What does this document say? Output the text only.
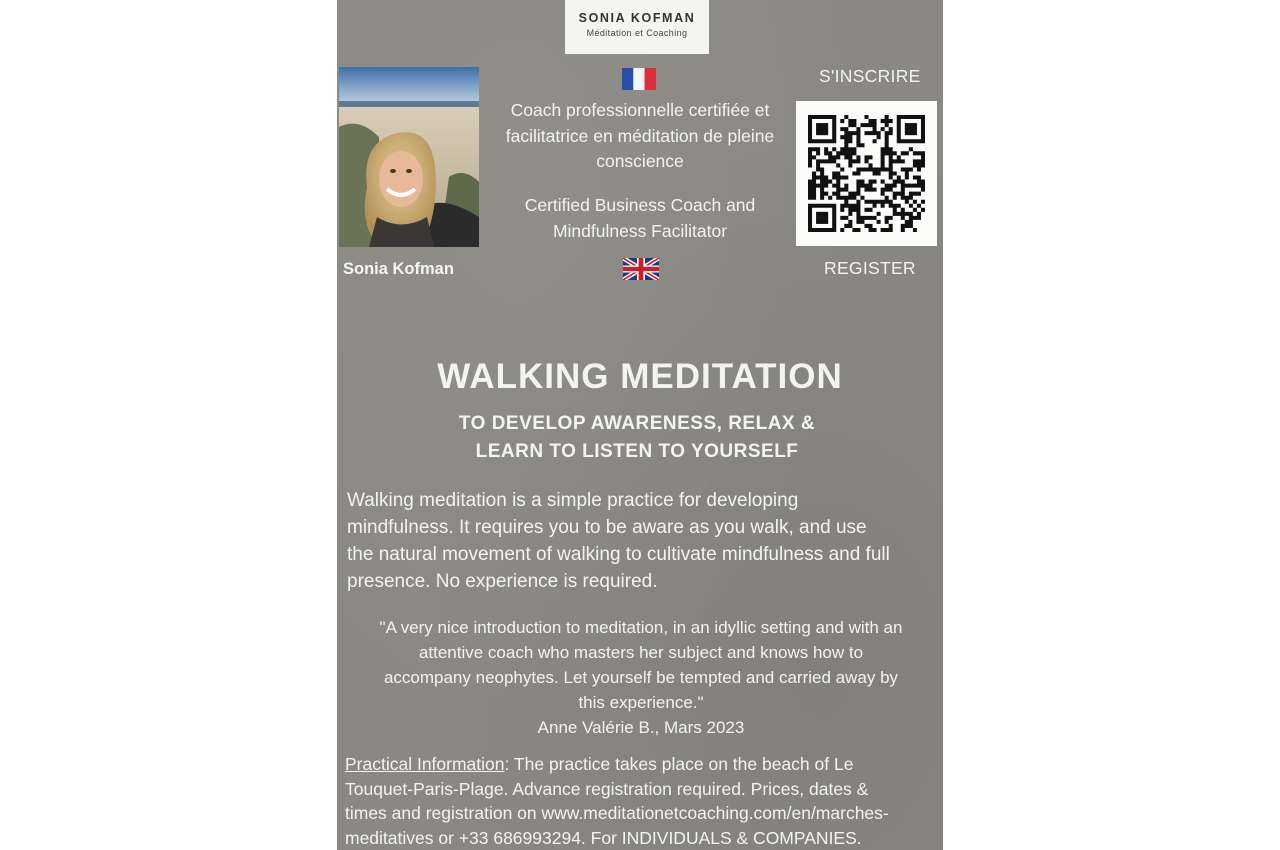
SONIA KOFMAN
Méditation et Coaching
Sonia Kofman
Coach professionnelle certifiée et
facilitatrice en méditation de pleine
conscience
Certified Business Coach and
Mindfulness Facilitator
S'INSCRIRE
REGISTER
WALKING MEDITATION
TO DEVELOP AWARENESS, RELAX &
LEARN TO LISTEN TO YOURSELF
Walking meditation is a simple practice for developing
mindfulness. It requires you to be aware as you walk, and use
the natural movement of walking to cultivate mindfulness and full
presence. No experience is required.
"A very nice introduction to meditation, in an idyllic setting and with an
attentive coach who masters her subject and knows how to
accompany neophytes. Let yourself be tempted and carried away by
this experience."
Anne Valérie B., Mars 2023
Practical Information: The practice takes place on the beach of Le
Touquet-Paris-Plage. Advance registration required. Prices, dates &
times and registration on www.meditationetcoaching.com/en/marches-
meditatives or +33 686993294. For INDIVIDUALS & COMPANIES.
